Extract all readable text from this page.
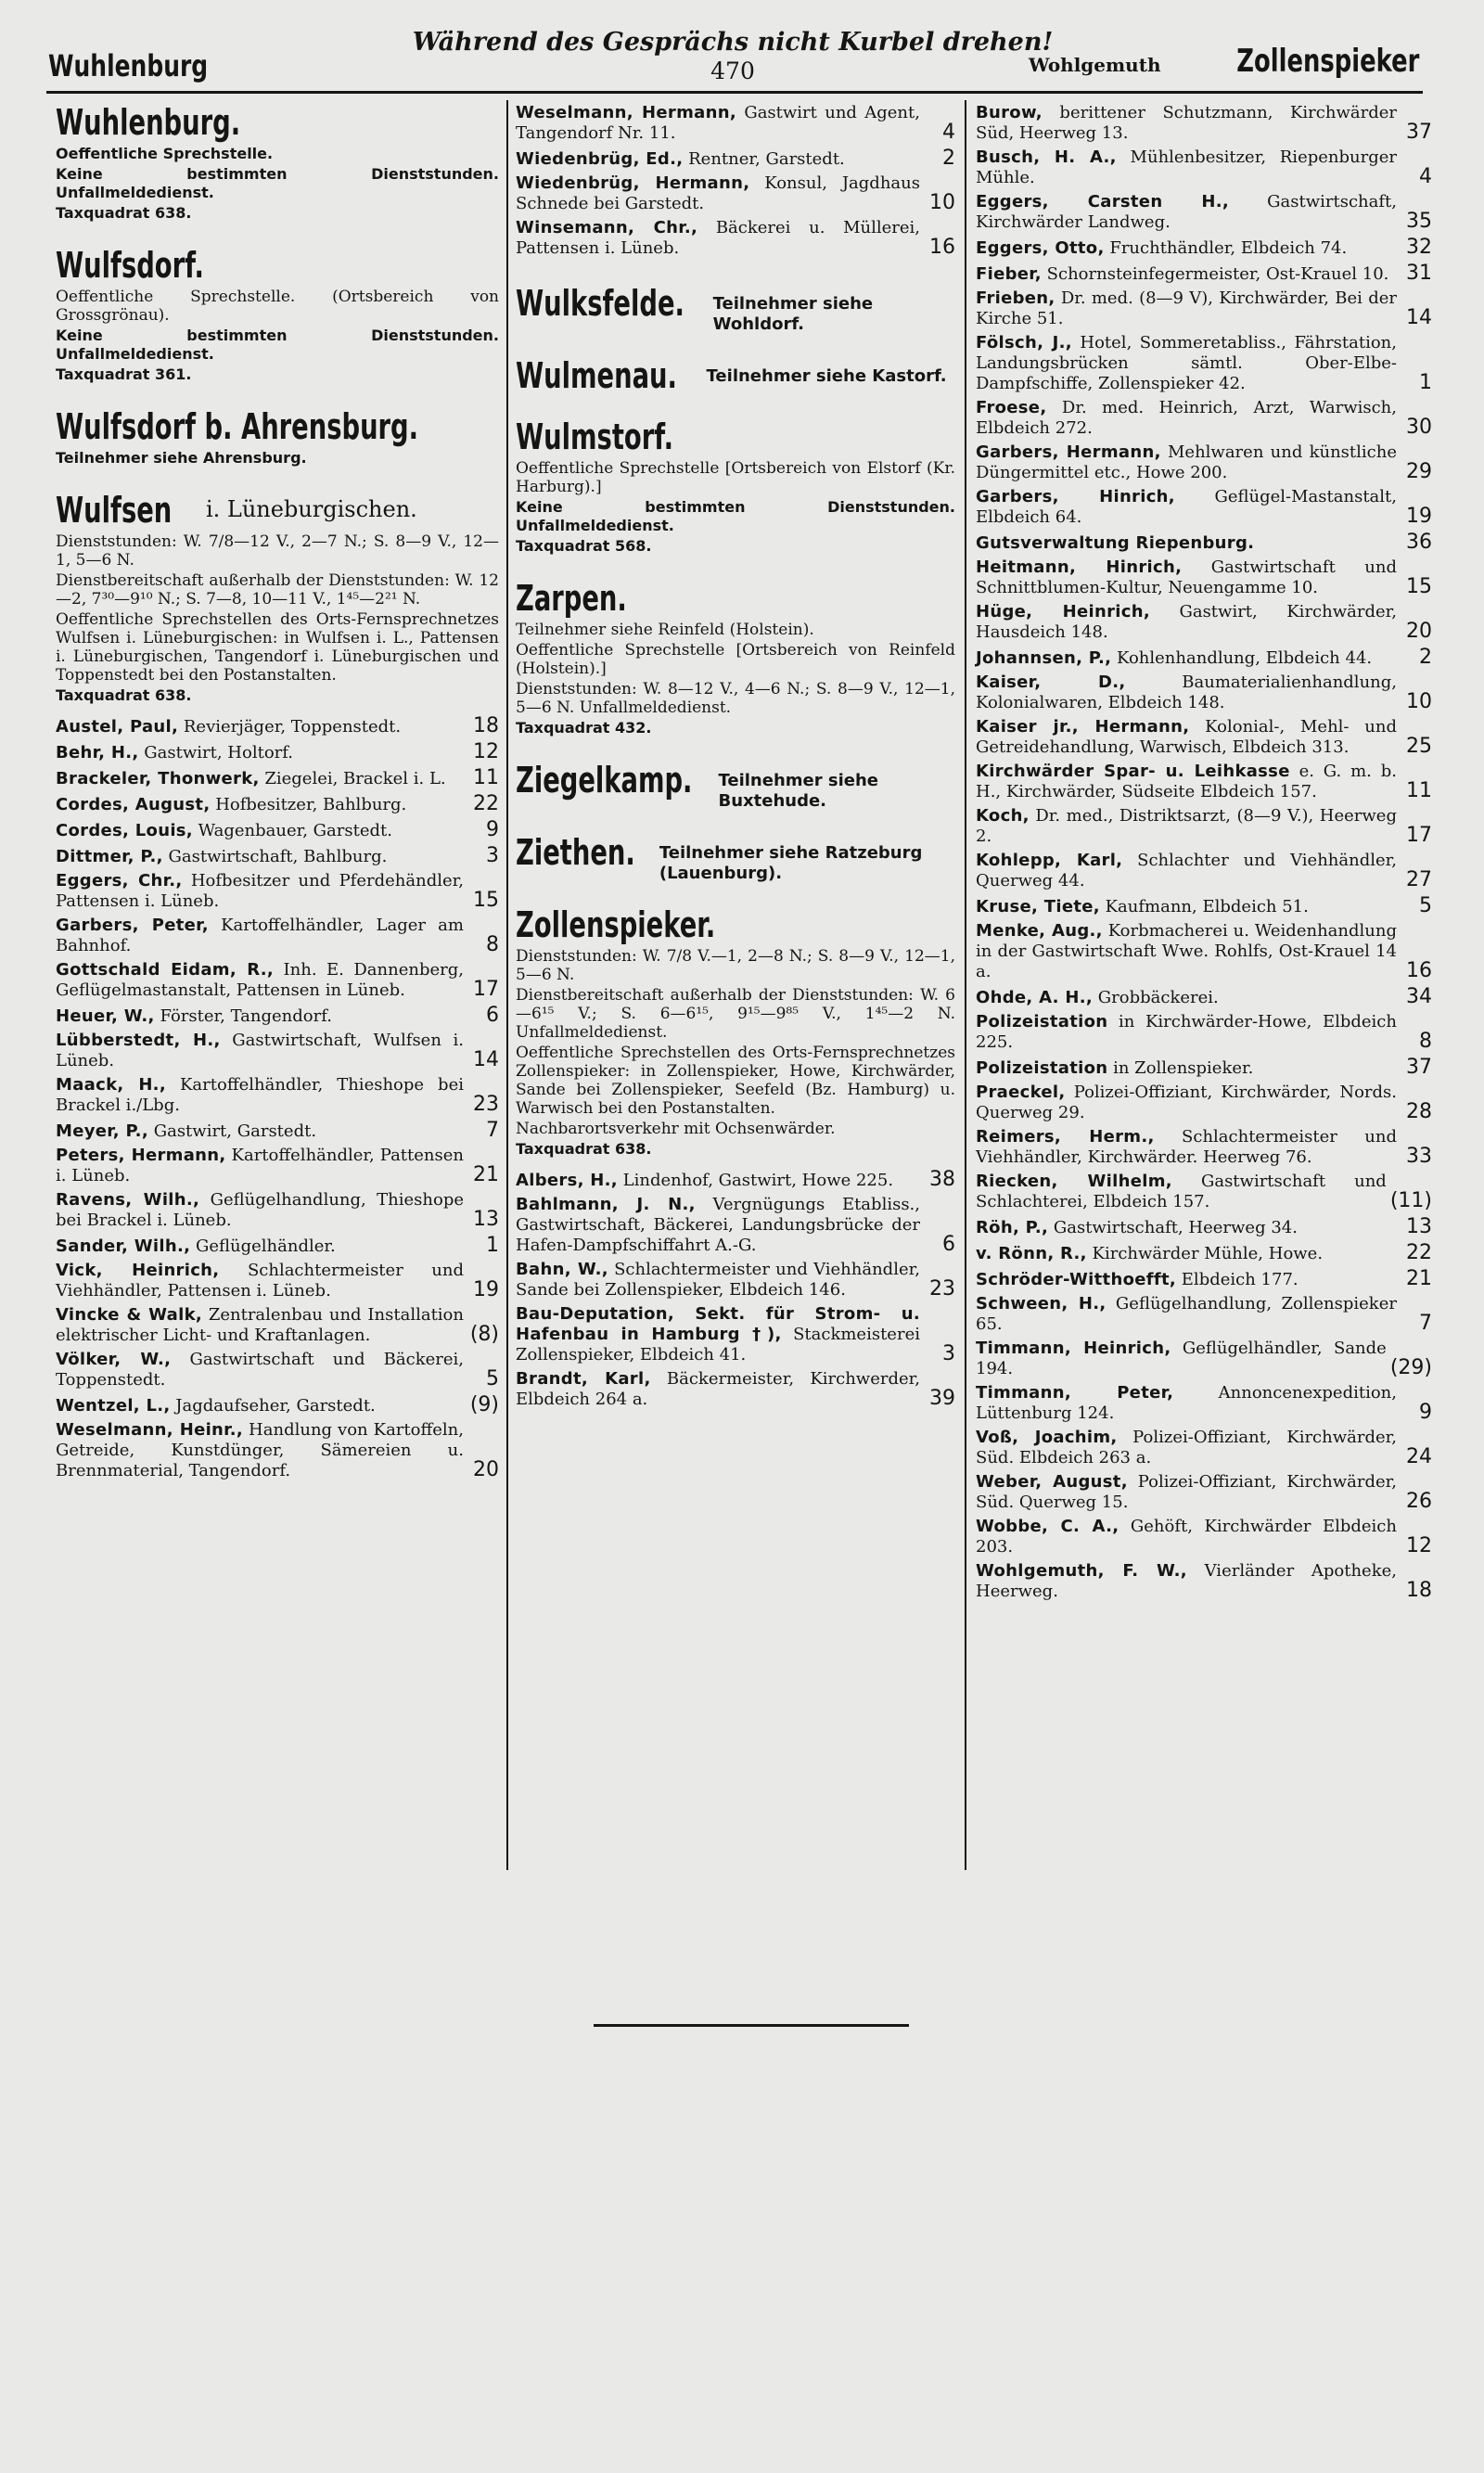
Wuhlenburg
Während des Gesprächs nicht Kurbel drehen!
470	Wohlgemuth Zollenspieker
Wuhlenburg.
Oeffentliche Sprechstelle.
Keine bestimmten Dienststunden. Unfallmeldedienst.
Taxquadrat 638.
Wulfsdorf.
Oeffentliche Sprechstelle. (Ortsbereich von Grossgrönau).
Keine bestimmten Dienststunden. Unfallmeldedienst.
Taxquadrat 361.
Wulfsdorf b. Ahrensburg.
Teilnehmer siehe Ahrensburg.
Wulfsen i. Lüneburgischen.
Dienststunden: W. 7/8—12 V., 2—7 N.; S. 8—9 V., 12—1, 5—6 N.
Dienstbereitschaft außerhalb der Dienststunden: W. 12—2, 7³⁰—9¹⁰ N.; S. 7—8, 10—11 V., 1⁴⁵—2²¹ N.
Oeffentliche Sprechstellen des Orts-Fernsprechnetzes Wulfsen i. Lüneburgischen: in Wulfsen i. L., Pattensen i. Lüneburgischen, Tangendorf i. Lüneburgischen und Toppenstedt bei den Postanstalten.
Taxquadrat 638.
Austel, Paul, Revierjäger, Toppenstedt.	18
Behr, H., Gastwirt, Holtorf.	12
Brackeler, Thonwerk, Ziegelei, Brackel i. L.	11
Cordes, August, Hofbesitzer, Bahlburg.	22
Cordes, Louis, Wagenbauer, Garstedt.	9
Dittmer, P., Gastwirtschaft, Bahlburg.	3
Eggers, Chr., Hofbesitzer und Pferdehändler, Pattensen i. Lüneb.	15
Garbers, Peter, Kartoffelhändler, Lager am Bahnhof.	8
Gottschald Eidam, R., Inh. E. Dannenberg, Geflügelmastanstalt, Pattensen in Lüneb.	17
Heuer, W., Förster, Tangendorf.	6
Lübberstedt, H., Gastwirtschaft, Wulfsen i. Lüneb.	14
Maack, H., Kartoffelhändler, Thieshope bei Brackel i./Lbg.	23
Meyer, P., Gastwirt, Garstedt.	7
Peters, Hermann, Kartoffelhändler, Pattensen i. Lüneb.	21
Ravens, Wilh., Geflügelhandlung, Thieshope bei Brackel i. Lüneb.	13
Sander, Wilh., Geflügelhändler.	1
Vick, Heinrich, Schlachtermeister und Viehhändler, Pattensen i. Lüneb.	19
Vincke & Walk, Zentralenbau und Installation elektrischer Licht- und Kraftanlagen.	(8)
Völker, W., Gastwirtschaft und Bäckerei, Toppenstedt.	5
Wentzel, L., Jagdaufseher, Garstedt.	(9)
Weselmann, Heinr., Handlung von Kartoffeln, Getreide, Kunstdünger, Sämereien u. Brennmaterial, Tangendorf.	20
Weselmann, Hermann, Gastwirt und Agent, Tangendorf Nr. 11.	4
Wiedenbrüg, Ed., Rentner, Garstedt.	2
Wiedenbrüg, Hermann, Konsul, Jagdhaus Schnede bei Garstedt.	10
Winsemann, Chr., Bäckerei u. Müllerei, Pattensen i. Lüneb.	16
Wulksfelde. Teilnehmer siehe Wohldorf.
Wulmenau. Teilnehmer siehe Kastorf.
Wulmstorf.
Oeffentliche Sprechstelle [Ortsbereich von Elstorf (Kr. Harburg).]
Keine bestimmten Dienststunden. Unfallmeldedienst.
Taxquadrat 568.
Zarpen.
Teilnehmer siehe Reinfeld (Holstein).
Oeffentliche Sprechstelle [Ortsbereich von Reinfeld (Holstein).]
Dienststunden: W. 8—12 V., 4—6 N.; S. 8—9 V., 12—1, 5—6 N. Unfallmeldedienst.
Taxquadrat 432.
Ziegelkamp. Teilnehmer siehe Buxtehude.
Ziethen. Teilnehmer siehe Ratzeburg (Lauenburg).
Zollenspieker.
Dienststunden: W. 7/8 V.—1, 2—8 N.; S. 8—9 V., 12—1, 5—6 N.
Dienstbereitschaft außerhalb der Dienststunden: W. 6—6¹⁵ V.; S. 6—6¹⁵, 9¹⁵—9⁸⁵ V., 1⁴⁵—2 N. Unfallmeldedienst.
Oeffentliche Sprechstellen des Orts-Fernsprechnetzes Zollenspieker: in Zollenspieker, Howe, Kirchwärder, Sande bei Zollenspieker, Seefeld (Bz. Hamburg) u. Warwisch bei den Postanstalten.
Nachbarortsverkehr mit Ochsenwärder.
Taxquadrat 638.
Albers, H., Lindenhof, Gastwirt, Howe 225.	38
Bahlmann, J. N., Vergnügungs Etabliss., Gastwirtschaft, Bäckerei, Landungsbrücke der Hafen-Dampfschiffahrt A.-G.	6
Bahn, W., Schlachtermeister und Viehhändler, Sande bei Zollenspieker, Elbdeich 146.	23
Bau-Deputation, Sekt. für Strom- u. Hafenbau in Hamburg †), Stackmeisterei Zollenspieker, Elbdeich 41.	3
Brandt, Karl, Bäckermeister, Kirchwerder, Elbdeich 264 a.	39
Burow, berittener Schutzmann, Kirchwärder Süd, Heerweg 13.	37
Busch, H. A., Mühlenbesitzer, Riepenburger Mühle.	4
Eggers, Carsten H., Gastwirtschaft, Kirchwärder Landweg.	35
Eggers, Otto, Fruchthändler, Elbdeich 74.	32
Fieber, Schornsteinfegermeister, Ost-Krauel 10. 31
Frieben, Dr. med. (8—9 V), Kirchwärder, Bei der Kirche 51.	14
Fölsch, J., Hotel, Sommeretabliss., Fährstation, Landungsbrücken sämtl. Ober-Elbe-Dampfschiffe, Zollenspieker 42.	1
Froese, Dr. med. Heinrich, Arzt, Warwisch, Elbdeich 272.	30
Garbers, Hermann, Mehlwaren und künstliche Düngermittel etc., Howe 200.	29
Garbers, Hinrich, Geflügel-Mastanstalt, Elbdeich 64.	19
Gutsverwaltung Riepenburg.	36
Heitmann, Hinrich, Gastwirtschaft und Schnittblumen-Kultur, Neuengamme 10.	15
Hüge, Heinrich, Gastwirt, Kirchwärder, Hausdeich 148.	20
Johannsen, P., Kohlenhandlung, Elbdeich 44.	2
Kaiser, D.,	Baumaterialienhandlung, Kolonialwaren, Elbdeich 148.	10
Kaiser jr., Hermann, Kolonial-, Mehl- und Getreidehandlung, Warwisch, Elbdeich 313.	25
Kirchwärder Spar- u. Leihkasse e. G. m. b. H., Kirchwärder, Südseite Elbdeich 157.	11
Koch, Dr. med., Distriktsarzt, (8—9 V.), Heerweg 2.	17
Kohlepp, Karl, Schlachter und Viehhändler, Querweg 44.	27
Kruse, Tiete, Kaufmann, Elbdeich 51.	5
Menke, Aug., Korbmacherei u. Weidenhandlung in der Gastwirtschaft Wwe. Rohlfs, Ost-Krauel 14 a.	16
Ohde, A. H., Grobbäckerei.	34
Polizeistation in Kirchwärder-Howe, Elbdeich 225.	8
Polizeistation in Zollenspieker.	37
Praeckel, Polizei-Offiziant, Kirchwärder, Nords. Querweg 29.	28
Reimers, Herm., Schlachtermeister und Viehhändler, Kirchwärder. Heerweg 76.	33
Riecken, Wilhelm, Gastwirtschaft und Schlachterei, Elbdeich 157.	(11)
Röh, P., Gastwirtschaft, Heerweg 34.	13
v. Rönn, R., Kirchwärder Mühle, Howe.	22
Schröder-Witthoefft, Elbdeich 177.	21
Schween, H., Geflügelhandlung, Zollenspieker 65.	7
Timmann, Heinrich, Geflügelhändler, Sande 194.	(29)
Timmann, Peter,	Annoncenexpedition, Lüttenburg 124.	9
Voß, Joachim, Polizei-Offiziant, Kirchwärder, Süd. Elbdeich 263 a.	24
Weber, August, Polizei-Offiziant, Kirchwärder, Süd. Querweg 15.	26
Wobbe, C. A., Gehöft, Kirchwärder Elbdeich 203.	12
Wohlgemuth, F. W., Vierländer Apotheke, Heerweg.	18
